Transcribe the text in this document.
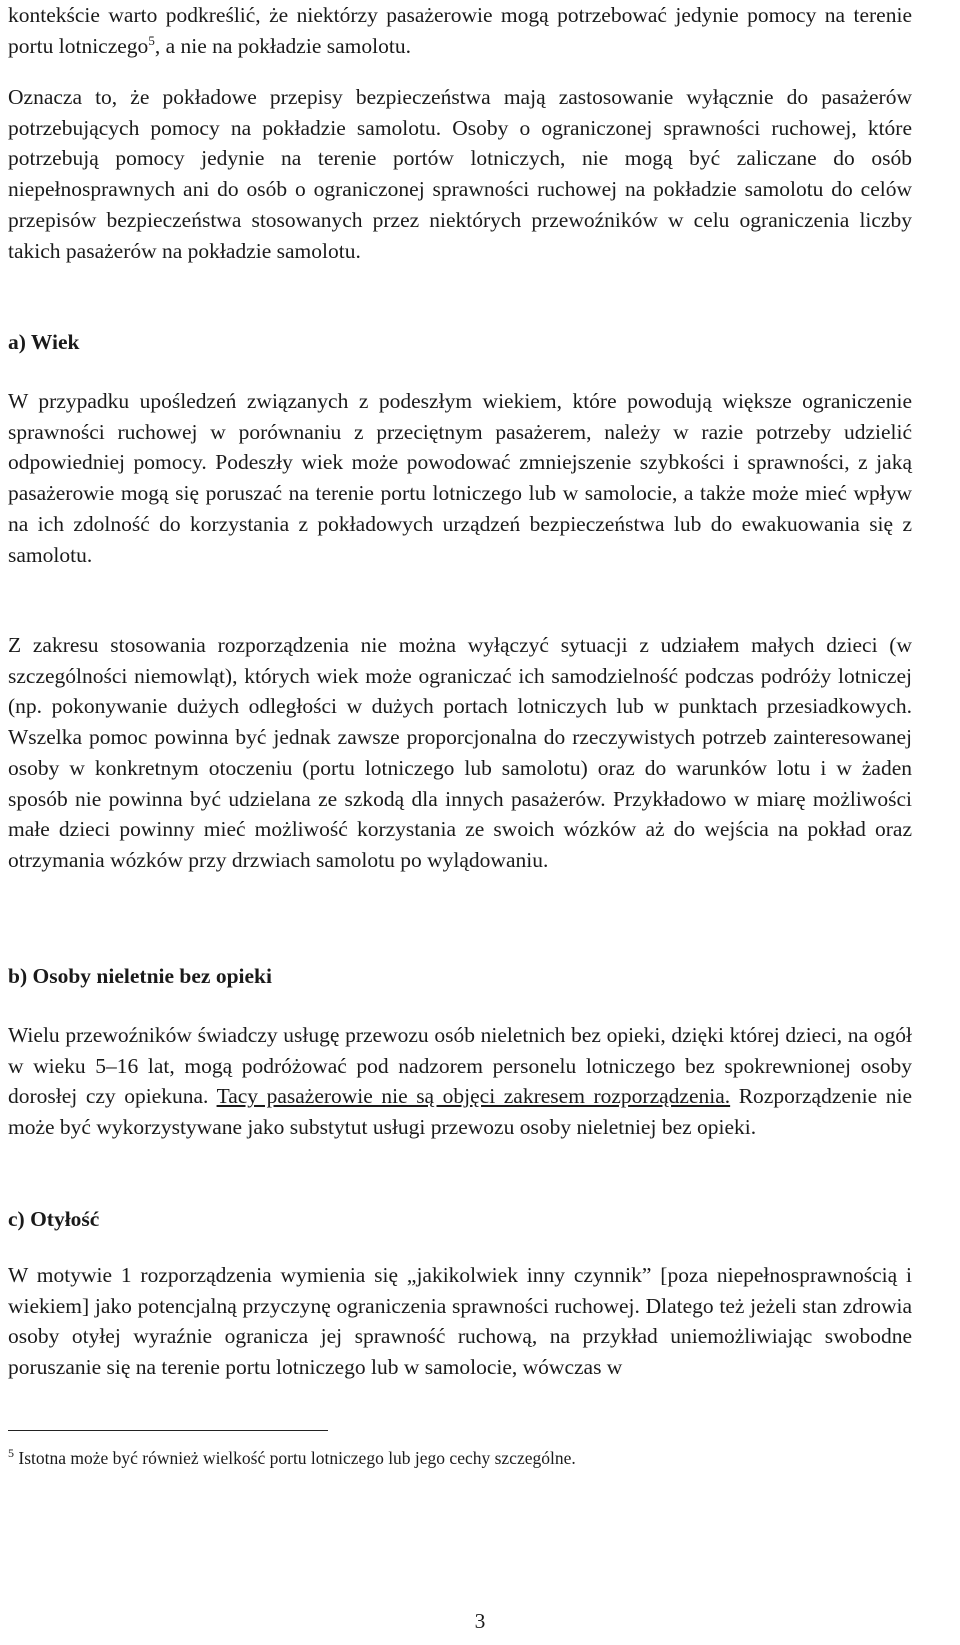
kontekście warto podkreślić, że niektórzy pasażerowie mogą potrzebować jedynie pomocy na terenie portu lotniczego$^5$, a nie na pokładzie samolotu.

Oznacza to, że pokładowe przepisy bezpieczeństwa mają zastosowanie wyłącznie do pasażerów potrzebujących pomocy na pokładzie samolotu. Osoby o ograniczonej sprawności ruchowej, które potrzebują pomocy jedynie na terenie portów lotniczych, nie mogą być zaliczane do osób niepełnosprawnych ani do osób o ograniczonej sprawności ruchowej na pokładzie samolotu do celów przepisów bezpieczeństwa stosowanych przez niektórych przewoźników w celu ograniczenia liczby takich pasażerów na pokładzie samolotu.

a) Wiek

W przypadku upośledzeń związanych z podeszłym wiekiem, które powodują większe ograniczenie sprawności ruchowej w porównaniu z przeciętnym pasażerem, należy w razie potrzeby udzielić odpowiedniej pomocy. Podeszły wiek może powodować zmniejszenie szybkości i sprawności, z jaką pasażerowie mogą się poruszać na terenie portu lotniczego lub w samolocie, a także może mieć wpływ na ich zdolność do korzystania z pokładowych urządzeń bezpieczeństwa lub do ewakuowania się z samolotu.

Z zakresu stosowania rozporządzenia nie można wyłączyć sytuacji z udziałem małych dzieci (w szczególności niemowląt), których wiek może ograniczać ich samodzielność podczas podróży lotniczej (np. pokonywanie dużych odległości w dużych portach lotniczych lub w punktach przesiadkowych. Wszelka pomoc powinna być jednak zawsze proporcjonalna do rzeczywistych potrzeb zainteresowanej osoby w konkretnym otoczeniu (portu lotniczego lub samolotu) oraz do warunków lotu i w żaden sposób nie powinna być udzielana ze szkodą dla innych pasażerów. Przykładowo w miarę możliwości małe dzieci powinny mieć możliwość korzystania ze swoich wózków aż do wejścia na pokład oraz otrzymania wózków przy drzwiach samolotu po wylądowaniu.

b) Osoby nieletnie bez opieki

Wielu przewoźników świadczy usługę przewozu osób nieletnich bez opieki, dzięki której dzieci, na ogół w wieku 5–16 lat, mogą podróżować pod nadzorem personelu lotniczego bez spokrewnionej osoby dorosłej czy opiekuna. Tacy pasażerowie nie są objęci zakresem rozporządzenia. Rozporządzenie nie może być wykorzystywane jako substytut usługi przewozu osoby nieletniej bez opieki.

c) Otyłość

W motywie 1 rozporządzenia wymienia się „jakikolwiek inny czynnik” [poza niepełnosprawnością i wiekiem] jako potencjalną przyczynę ograniczenia sprawności ruchowej. Dlatego też jeżeli stan zdrowia osoby otyłej wyraźnie ogranicza jej sprawność ruchową, na przykład uniemożliwiając swobodne poruszanie się na terenie portu lotniczego lub w samolocie, wówczas w

$^5$ Istotna może być również wielkość portu lotniczego lub jego cechy szczególne.

3
